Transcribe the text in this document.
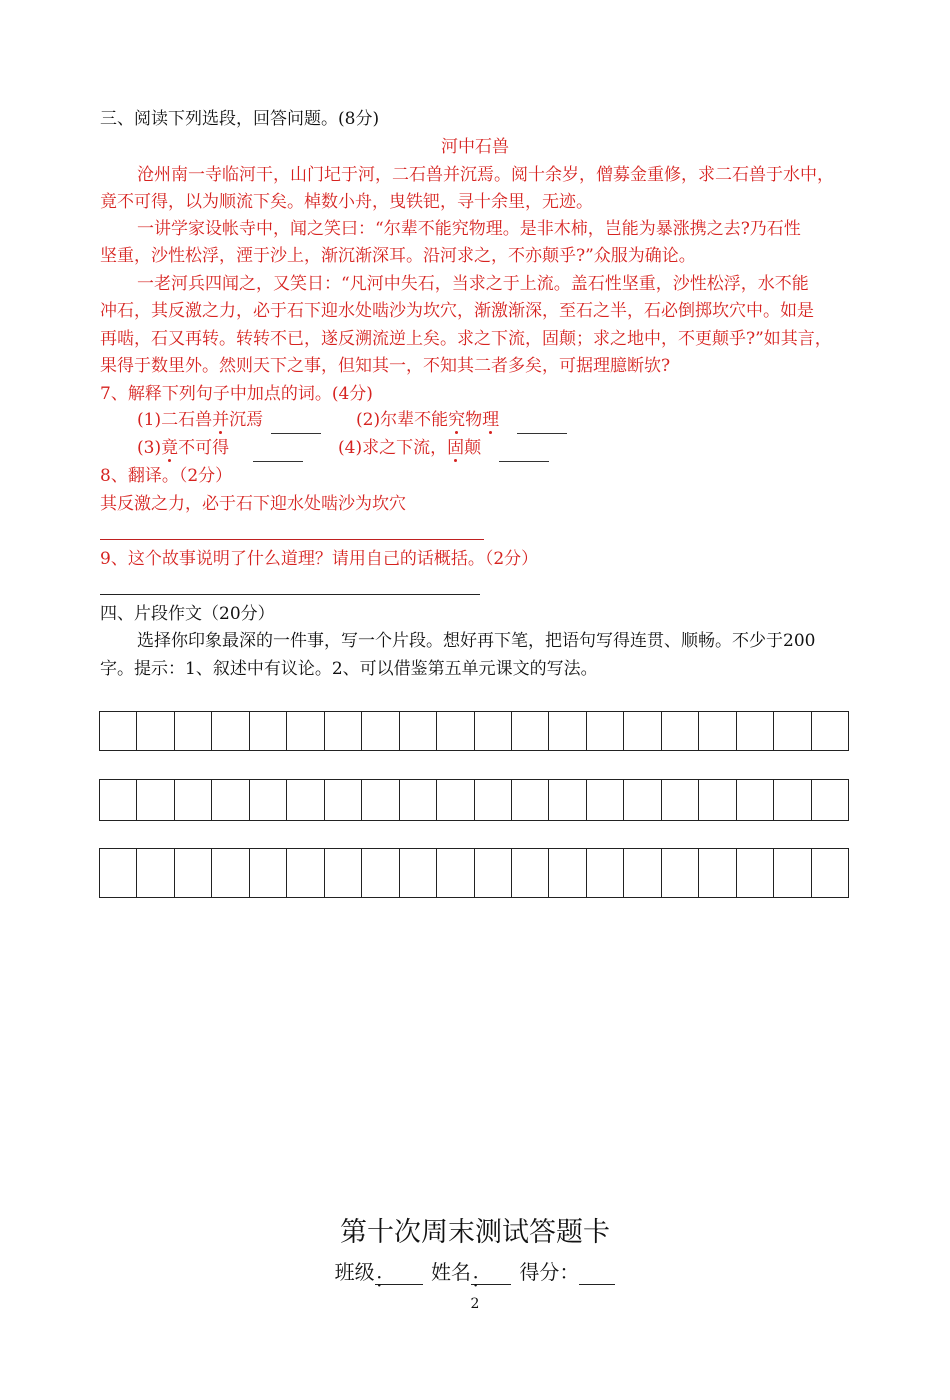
三、阅读下列选段，回答问题。(8分)
河中石兽
沧州南一寺临河干，山门圮于河，二石兽并沉焉。阅十余岁，僧募金重修，求二石兽于水中，
竟不可得，以为顺流下矣。棹数小舟，曳铁钯，寻十余里，无迹。
一讲学家设帐寺中，闻之笑曰：“尔辈不能究物理。是非木柿，岂能为暴涨携之去?乃石性
坚重，沙性松浮，湮于沙上，渐沉渐深耳。沿河求之，不亦颠乎?”众服为确论。
一老河兵四闻之，又笑日：“凡河中失石，当求之于上流。盖石性坚重，沙性松浮，水不能
冲石，其反激之力，必于石下迎水处啮沙为坎穴，渐激渐深，至石之半，石必倒掷坎穴中。如是
再啮，石又再转。转转不已，遂反溯流逆上矣。求之下流，固颠；求之地中，不更颠乎?”如其言，
果得于数里外。然则天下之事，但知其一，不知其二者多矣，可据理臆断欤?
7、解释下列句子中加点的词。(4分)
(1)二石兽并沉焉	(2)尔辈不能究物理
(3)竟不可得	(4)求之下流，固颠
8、翻译。（2分）
其反激之力，必于石下迎水处啮沙为坎穴
9、这个故事说明了什么道理？请用自己的话概括。（2分）
四、片段作文（20分）
选择你印象最深的一件事，写一个片段。想好再下笔，把语句写得连贯、顺畅。不少于200
字。提示：1、叙述中有议论。2、可以借鉴第五单元课文的写法。
第十次周末测试答题卡
班级： 姓名： 得分：
2
